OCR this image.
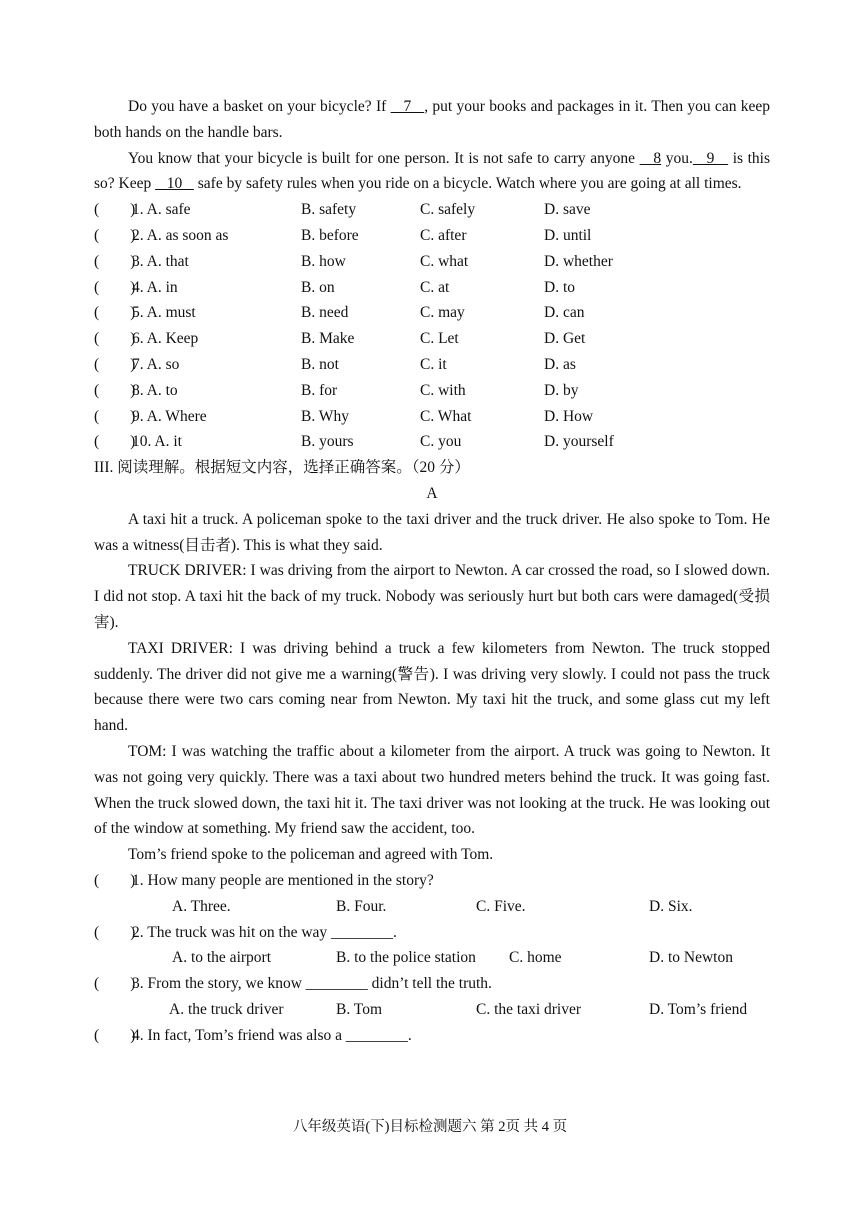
Do you have a basket on your bicycle? If    7   , put your books and packages in it. Then you can keep both hands on the handle bars.

You know that your bicycle is built for one person. It is not safe to carry anyone    8 you.   9    is this so? Keep    10    safe by safety rules when you ride on a bicycle. Watch where you are going at all times.

(        )
1. A. safe	B. safety	C. safely	D. save
(        )
2. A. as soon as	B. before	C. after	D. until
(        )
3. A. that	B. how	C. what	D. whether
(        )
4. A. in	B. on	C. at	D. to
(        )
5. A. must	B. need	C. may	D. can
(        )
6. A. Keep	B. Make	C. Let	D. Get
(        )
7. A. so	B. not	C. it	D. as
(        )
8. A. to	B. for	C. with	D. by
(        )
9. A. Where	B. Why	C. What	D. How
(        )
10. A. it	B. yours	C. you	D. yourself

III. 阅读理解。根据短文内容，选择正确答案。（20 分）

A

A taxi hit a truck. A policeman spoke to the taxi driver and the truck driver. He also spoke to Tom. He was a witness(目击者). This is what they said.

TRUCK DRIVER: I was driving from the airport to Newton. A car crossed the road, so I slowed down. I did not stop. A taxi hit the back of my truck. Nobody was seriously hurt but both cars were damaged(受损害).

TAXI DRIVER: I was driving behind a truck a few kilometers from Newton. The truck stopped suddenly. The driver did not give me a warning(警告). I was driving very slowly. I could not pass the truck because there were two cars coming near from Newton. My taxi hit the truck, and some glass cut my left hand.

TOM: I was watching the traffic about a kilometer from the airport. A truck was going to Newton. It was not going very quickly. There was a taxi about two hundred meters behind the truck. It was going fast. When the truck slowed down, the taxi hit it. The taxi driver was not looking at the truck. He was looking out of the window at something. My friend saw the accident, too.

Tom’s friend spoke to the policeman and agreed with Tom.

(        )
1. How many people are mentioned in the story?
A. Three.	B. Four.	C. Five.	D. Six.
(        )
2. The truck was hit on the way ________.
A. to the airport	B. to the police station	C. home	D. to Newton
(        )
3. From the story, we know ________ didn’t tell the truth.
A. the truck driver	B. Tom	C. the taxi driver	D. Tom’s friend
(        )
4. In fact, Tom’s friend was also a ________.
八年级英语(下)目标检测题六 第 2页 共 4 页
